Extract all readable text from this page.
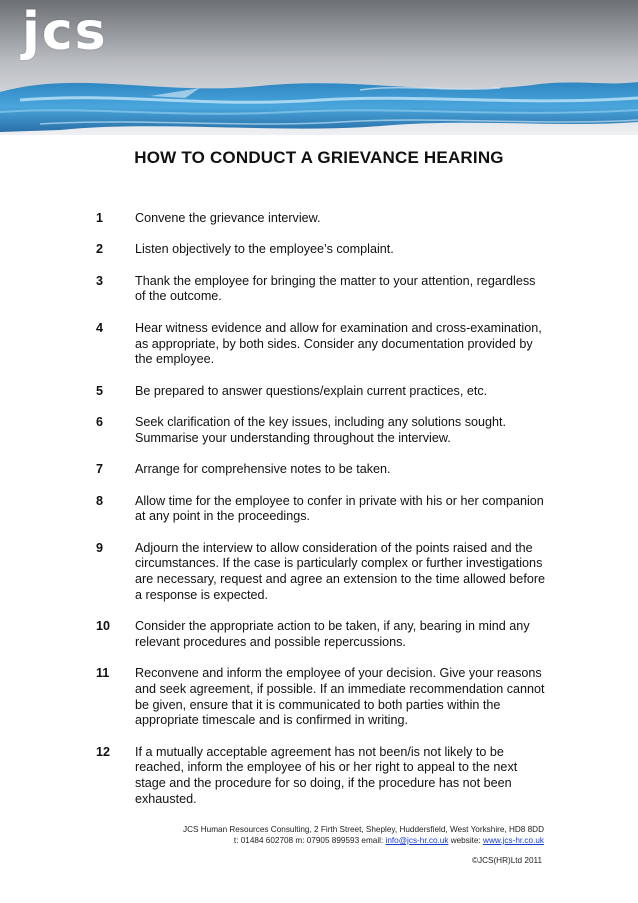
jcs
HOW TO CONDUCT A GRIEVANCE HEARING
1	Convene the grievance interview.
2	Listen objectively to the employee’s complaint.
3	Thank the employee for bringing the matter to your attention, regardless of the outcome.
4	Hear witness evidence and allow for examination and cross-examination, as appropriate, by both sides. Consider any documentation provided by the employee.
5	Be prepared to answer questions/explain current practices, etc.
6	Seek clarification of the key issues, including any solutions sought. Summarise your understanding throughout the interview.
7	Arrange for comprehensive notes to be taken.
8	Allow time for the employee to confer in private with his or her companion at any point in the proceedings.
9	Adjourn the interview to allow consideration of the points raised and the circumstances. If the case is particularly complex or further investigations are necessary, request and agree an extension to the time allowed before a response is expected.
10	Consider the appropriate action to be taken, if any, bearing in mind any relevant procedures and possible repercussions.
11	Reconvene and inform the employee of your decision. Give your reasons and seek agreement, if possible. If an immediate recommendation cannot be given, ensure that it is communicated to both parties within the appropriate timescale and is confirmed in writing.
12	If a mutually acceptable agreement has not been/is not likely to be reached, inform the employee of his or her right to appeal to the next stage and the procedure for so doing, if the procedure has not been exhausted.
JCS Human Resources Consulting, 2 Firth Street, Shepley, Huddersfield, West Yorkshire, HD8 8DD
t: 01484 602708 m: 07905 899593 email: info@jcs-hr.co.uk website: www.jcs-hr.co.uk
©JCS(HR)Ltd 2011
